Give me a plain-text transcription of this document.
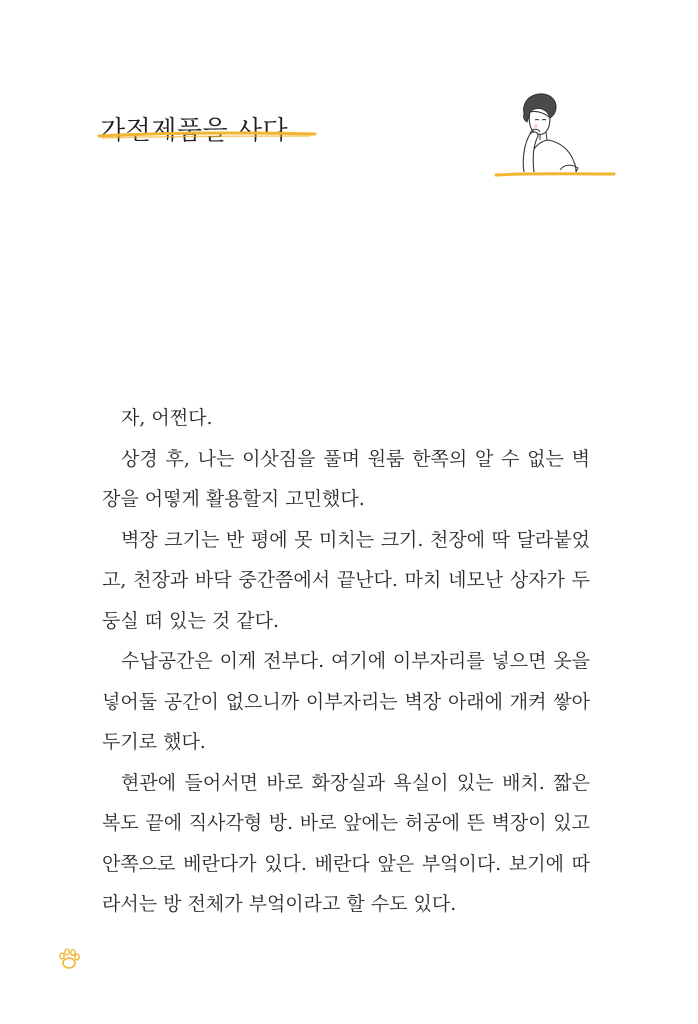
가전제품을 사다

자, 어쩐다.

상경 후, 나는 이삿짐을 풀며 원룸 한쪽의 알 수 없는 벽장을 어떻게 활용할지 고민했다.

벽장 크기는 반 평에 못 미치는 크기. 천장에 딱 달라붙었고, 천장과 바닥 중간쯤에서 끝난다. 마치 네모난 상자가 두둥실 떠 있는 것 같다.

수납공간은 이게 전부다. 여기에 이부자리를 넣으면 옷을 넣어둘 공간이 없으니까 이부자리는 벽장 아래에 개켜 쌓아 두기로 했다.

현관에 들어서면 바로 화장실과 욕실이 있는 배치. 짧은 복도 끝에 직사각형 방. 바로 앞에는 허공에 뜬 벽장이 있고 안쪽으로 베란다가 있다. 베란다 앞은 부엌이다. 보기에 따라서는 방 전체가 부엌이라고 할 수도 있다.
